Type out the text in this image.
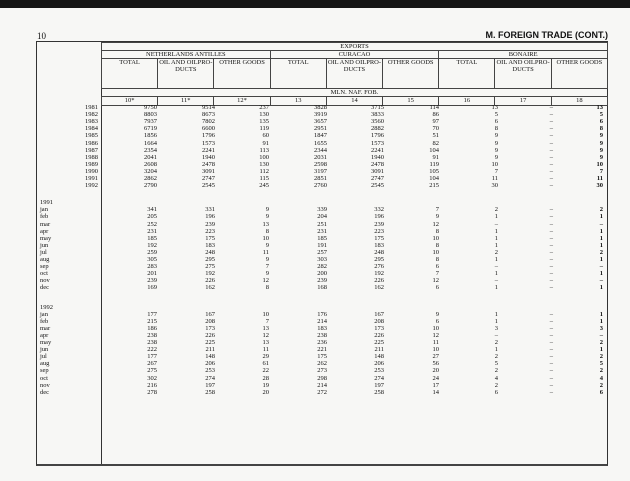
10	M. FOREIGN TRADE (CONT.)
EXPORTS								
NETHERLANDS ANTILLES			CURACAO			BONAIRE		
TOTAL	OIL AND OILPRO- DUCTS	OTHER GOODS	TOTAL	OIL AND OILPRO- DUCTS	OTHER GOODS	TOTAL	OIL AND OILPRO- DUCTS	OTHER GOODS
MLN. NAF. FOB.								
10*	11*	12*	13	14	15	16	17	18
1981	9750	9514	237	3828	3715	114	13	–	13
1982	8803	8673	130	3919	3833	86	5	–	5
1983	7937	7802	135	3657	3560	97	6	–	6
1984	6719	6600	119	2951	2882	70	8	–	8
1985	1856	1796	60	1847	1796	51	9	–	9
1986	1664	1573	91	1655	1573	82	9	–	9
1987	2354	2241	113	2344	2241	104	9	–	9
1988	2041	1940	100	2031	1940	91	9	–	9
1989	2608	2478	130	2598	2478	119	10	–	10
1990	3204	3091	112	3197	3091	105	7	–	7
1991	2862	2747	115	2851	2747	104	11	–	11
1992	2790	2545	245	2760	2545	215	30	–	30
1991
jan	341	331	9	339	332	7	2	–	2
feb	205	196	9	204	196	9	1	–	1
mar	252	239	13	251	239	12	–	–	–
apr	231	223	8	231	223	8	1	–	1
may	185	175	10	185	175	10	1	–	1
jun	192	183	9	191	183	8	1	–	1
jul	259	248	11	257	248	10	2	–	2
aug	305	295	9	303	295	8	1	–	1
sep	283	275	7	282	276	6	–	–	–
oct	201	192	9	200	192	7	1	–	1
nov	239	226	12	239	226	12	–	–	–
dec	169	162	8	168	162	6	1	–	1
1992
jan	177	167	10	176	167	9	1	–	1
feb	215	208	7	214	208	6	1	–	1
mar	186	173	13	183	173	10	3	–	3
apr	238	226	12	238	226	12	–	–	–
may	238	225	13	236	225	11	2	–	2
jun	222	211	11	221	211	10	1	–	1
jul	177	148	29	175	148	27	2	–	2
aug	267	206	61	262	206	56	5	–	5
sep	275	253	22	273	253	20	2	–	2
oct	302	274	28	298	274	24	4	–	4
nov	216	197	19	214	197	17	2	–	2
dec	278	258	20	272	258	14	6	–	6
